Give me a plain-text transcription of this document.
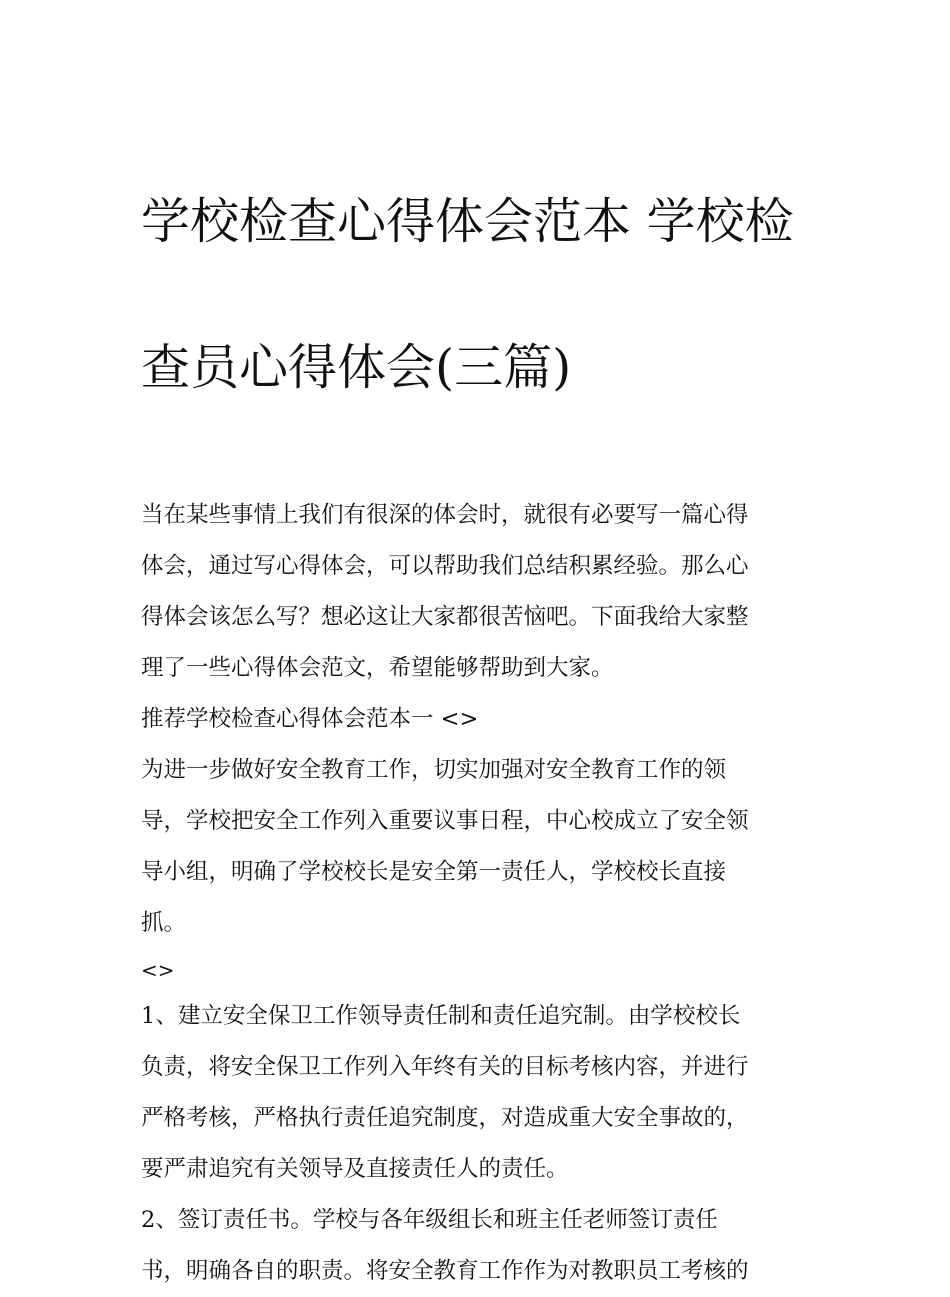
学校检查心得体会范本 学校检

查员心得体会(三篇)

当在某些事情上我们有很深的体会时，就很有必要写一篇心得
体会，通过写心得体会，可以帮助我们总结积累经验。那么心
得体会该怎么写？想必这让大家都很苦恼吧。下面我给大家整
理了一些心得体会范文，希望能够帮助到大家。

推荐学校检查心得体会范本一 <>

为进一步做好安全教育工作，切实加强对安全教育工作的领
导，学校把安全工作列入重要议事日程，中心校成立了安全领
导小组，明确了学校校长是安全第一责任人，学校校长直接
抓。

<>

1、建立安全保卫工作领导责任制和责任追究制。由学校校长
负责，将安全保卫工作列入年终有关的目标考核内容，并进行
严格考核，严格执行责任追究制度，对造成重大安全事故的，
要严肃追究有关领导及直接责任人的责任。

2、签订责任书。学校与各年级组长和班主任老师签订责任
书，明确各自的职责。将安全教育工作作为对教职员工考核的
